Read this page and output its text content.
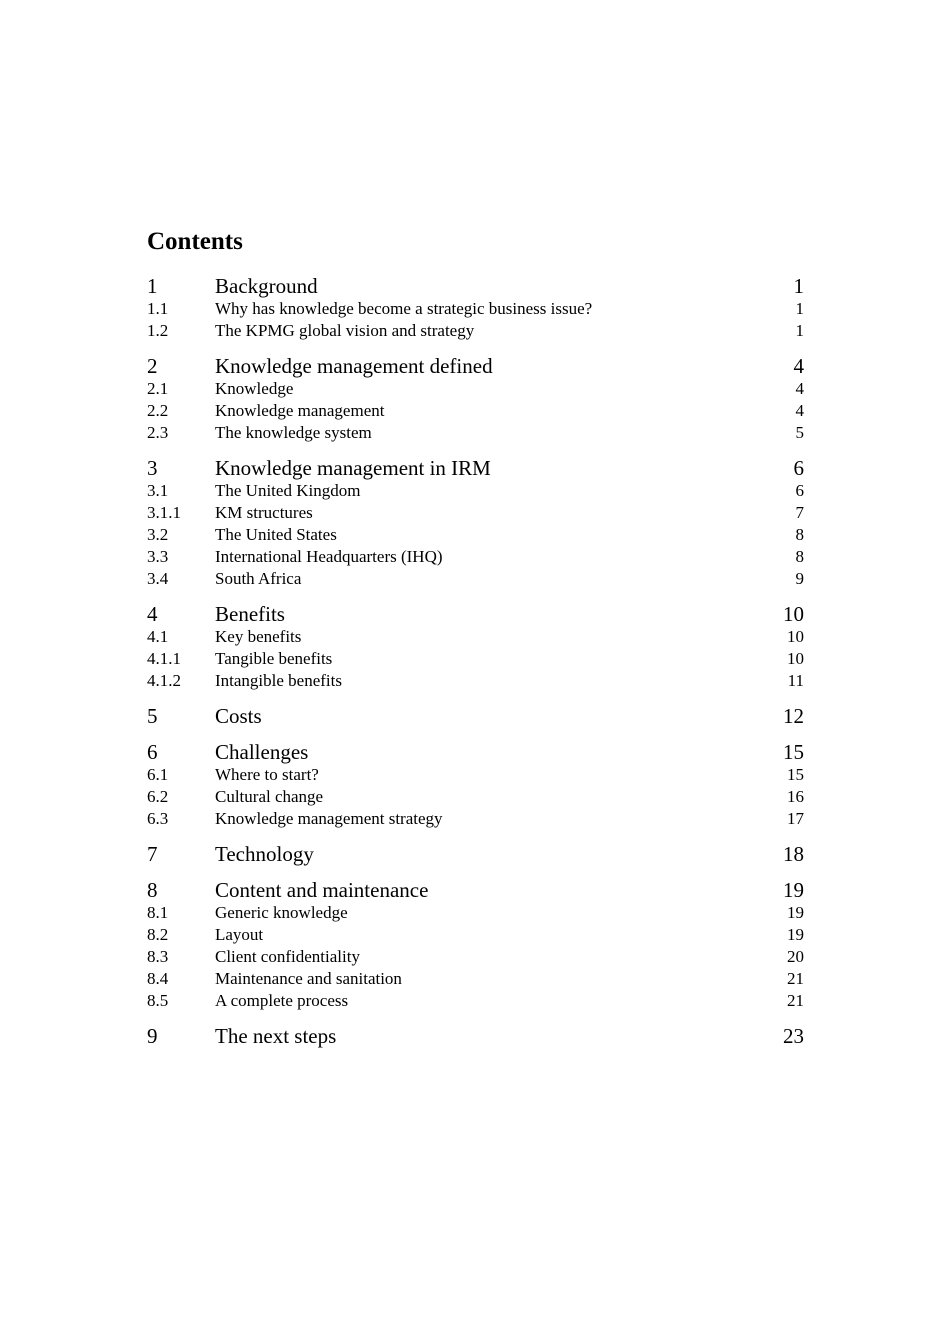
Contents
1	Background	1
1.1	Why has knowledge become a strategic business issue?	1
1.2	The KPMG global vision and strategy	1
2	Knowledge management defined	4
2.1	Knowledge	4
2.2	Knowledge management	4
2.3	The knowledge system	5
3	Knowledge management in IRM	6
3.1	The United Kingdom	6
3.1.1	KM structures	7
3.2	The United States	8
3.3	International Headquarters (IHQ)	8
3.4	South Africa	9
4	Benefits	10
4.1	Key benefits	10
4.1.1	Tangible benefits	10
4.1.2	Intangible benefits	11
5	Costs	12
6	Challenges	15
6.1	Where to start?	15
6.2	Cultural change	16
6.3	Knowledge management strategy	17
7	Technology	18
8	Content and maintenance	19
8.1	Generic knowledge	19
8.2	Layout	19
8.3	Client confidentiality	20
8.4	Maintenance and sanitation	21
8.5	A complete process	21
9	The next steps	23
